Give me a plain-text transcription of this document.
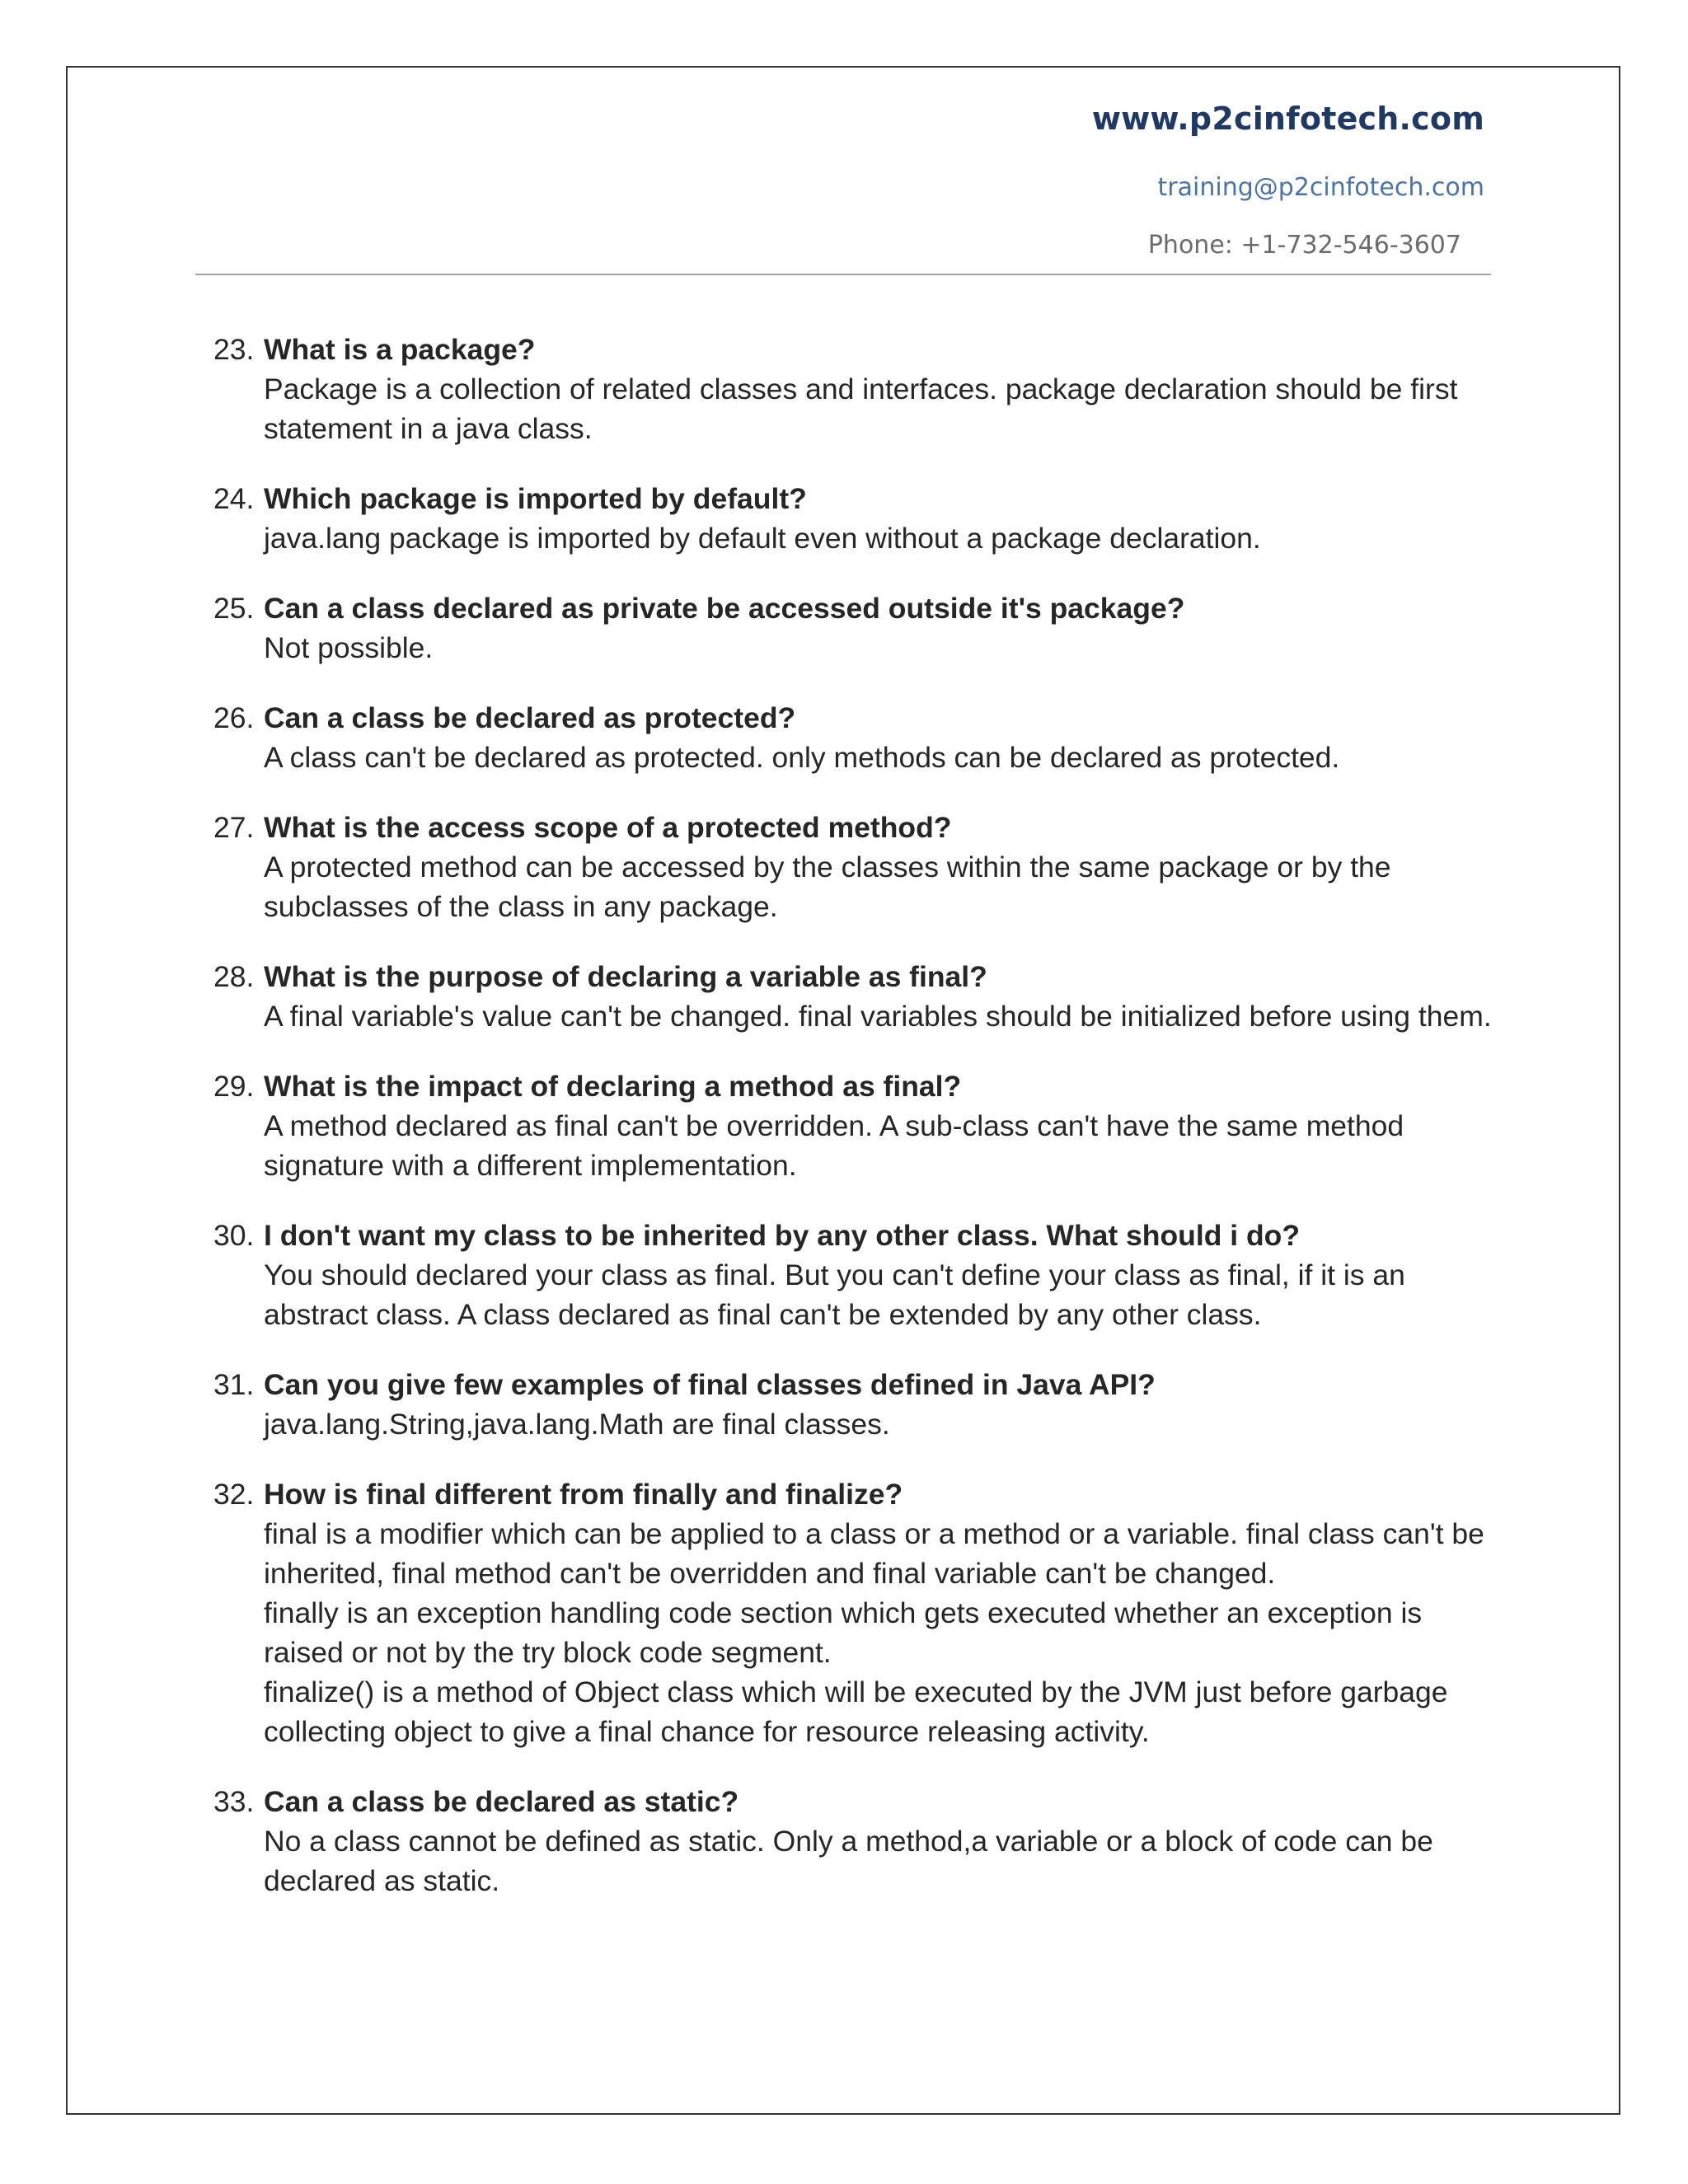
www.p2cinfotech.com
training@p2cinfotech.com
Phone: +1-732-546-3607
23. What is a package?
Package is a collection of related classes and interfaces. package declaration should be first statement in a java class.
24. Which package is imported by default?
java.lang package is imported by default even without a package declaration.
25. Can a class declared as private be accessed outside it's package?
Not possible.
26. Can a class be declared as protected?
A class can't be declared as protected. only methods can be declared as protected.
27. What is the access scope of a protected method?
A protected method can be accessed by the classes within the same package or by the subclasses of the class in any package.
28. What is the purpose of declaring a variable as final?
A final variable's value can't be changed. final variables should be initialized before using them.
29. What is the impact of declaring a method as final?
A method declared as final can't be overridden. A sub-class can't have the same method signature with a different implementation.
30. I don't want my class to be inherited by any other class. What should i do?
You should declared your class as final. But you can't define your class as final, if it is an abstract class. A class declared as final can't be extended by any other class.
31. Can you give few examples of final classes defined in Java API?
java.lang.String,java.lang.Math are final classes.
32. How is final different from finally and finalize?
final is a modifier which can be applied to a class or a method or a variable. final class can't be inherited, final method can't be overridden and final variable can't be changed.
finally is an exception handling code section which gets executed whether an exception is raised or not by the try block code segment.
finalize() is a method of Object class which will be executed by the JVM just before garbage collecting object to give a final chance for resource releasing activity.
33. Can a class be declared as static?
No a class cannot be defined as static. Only a method,a variable or a block of code can be declared as static.
